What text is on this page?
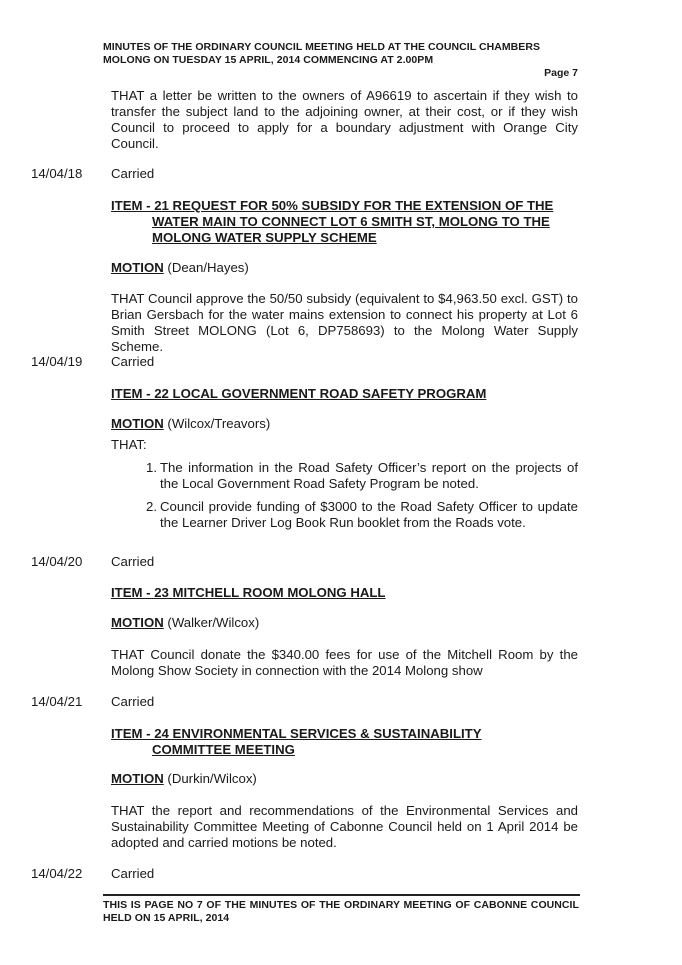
MINUTES OF THE ORDINARY COUNCIL MEETING HELD AT THE COUNCIL CHAMBERS
MOLONG ON TUESDAY 15 APRIL, 2014 COMMENCING AT 2.00PM
Page 7
THAT a letter be written to the owners of A96619 to ascertain if they wish to transfer the subject land to the adjoining owner, at their cost, or if they wish Council to proceed to apply for a boundary adjustment with Orange City Council.
14/04/18 Carried
ITEM - 21 REQUEST FOR 50% SUBSIDY FOR THE EXTENSION OF THE
WATER MAIN TO CONNECT LOT 6 SMITH ST, MOLONG TO THE
MOLONG WATER SUPPLY SCHEME
MOTION (Dean/Hayes)
THAT Council approve the 50/50 subsidy (equivalent to $4,963.50 excl. GST) to Brian Gersbach for the water mains extension to connect his property at Lot 6 Smith Street MOLONG (Lot 6, DP758693) to the Molong Water Supply Scheme.
14/04/19 Carried
ITEM - 22 LOCAL GOVERNMENT ROAD SAFETY PROGRAM
MOTION (Wilcox/Treavors)
THAT:
1. The information in the Road Safety Officer’s report on the projects of the Local Government Road Safety Program be noted.
2. Council provide funding of $3000 to the Road Safety Officer to update the Learner Driver Log Book Run booklet from the Roads vote.
14/04/20 Carried
ITEM - 23 MITCHELL ROOM MOLONG HALL
MOTION (Walker/Wilcox)
THAT Council donate the $340.00 fees for use of the Mitchell Room by the Molong Show Society in connection with the 2014 Molong show
14/04/21 Carried
ITEM - 24 ENVIRONMENTAL SERVICES & SUSTAINABILITY
COMMITTEE MEETING
MOTION (Durkin/Wilcox)
THAT the report and recommendations of the Environmental Services and Sustainability Committee Meeting of Cabonne Council held on 1 April 2014 be adopted and carried motions be noted.
14/04/22 Carried
THIS IS PAGE NO 7 OF THE MINUTES OF THE ORDINARY MEETING OF CABONNE COUNCIL HELD ON 15 APRIL, 2014
